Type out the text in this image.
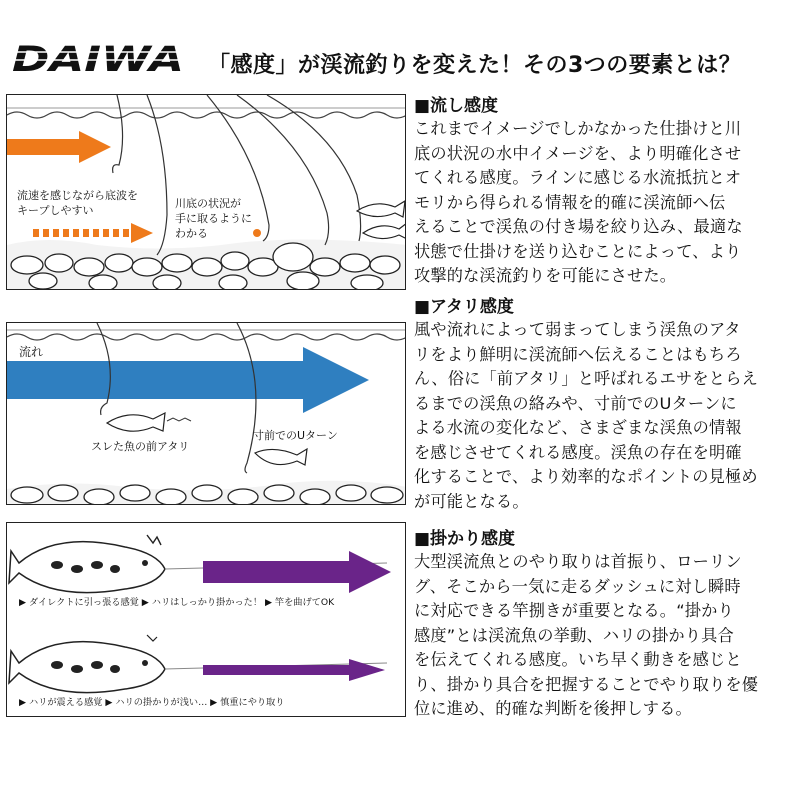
DAIWA 「感度」が渓流釣りを変えた！その3つの要素とは？
流速を感じながら底波を
キープしやすい
川底の状況が
手に取るように
わかる
流れ
スレた魚の前アタリ
寸前でのUターン
▶ ダイレクトに引っ張る感覚 ▶ ハリはしっかり掛かった！ ▶ 竿を曲げてOK
▶ ハリが震える感覚 ▶ ハリの掛かりが浅い… ▶ 慎重にやり取り

■流し感度

これまでイメージでしかなかった仕掛けと川
底の状況の水中イメージを、より明確化させ
てくれる感度。ラインに感じる水流抵抗とオ
モリから得られる情報を的確に渓流師へ伝
えることで渓魚の付き場を絞り込み、最適な
状態で仕掛けを送り込むことによって、より
攻撃的な渓流釣りを可能にさせた。

■アタリ感度

風や流れによって弱まってしまう渓魚のアタ
リをより鮮明に渓流師へ伝えることはもちろ
ん、俗に「前アタリ」と呼ばれるエサをとらえ
るまでの渓魚の絡みや、寸前でのUターンに
よる水流の変化など、さまざまな渓魚の情報
を感じさせてくれる感度。渓魚の存在を明確
化することで、より効率的なポイントの見極め
が可能となる。

■掛かり感度

大型渓流魚とのやり取りは首振り、ローリン
グ、そこから一気に走るダッシュに対し瞬時
に対応できる竿捌きが重要となる。“掛かり
感度”とは渓流魚の挙動、ハリの掛かり具合
を伝えてくれる感度。いち早く動きを感じと
り、掛かり具合を把握することでやり取りを優
位に進め、的確な判断を後押しする。
